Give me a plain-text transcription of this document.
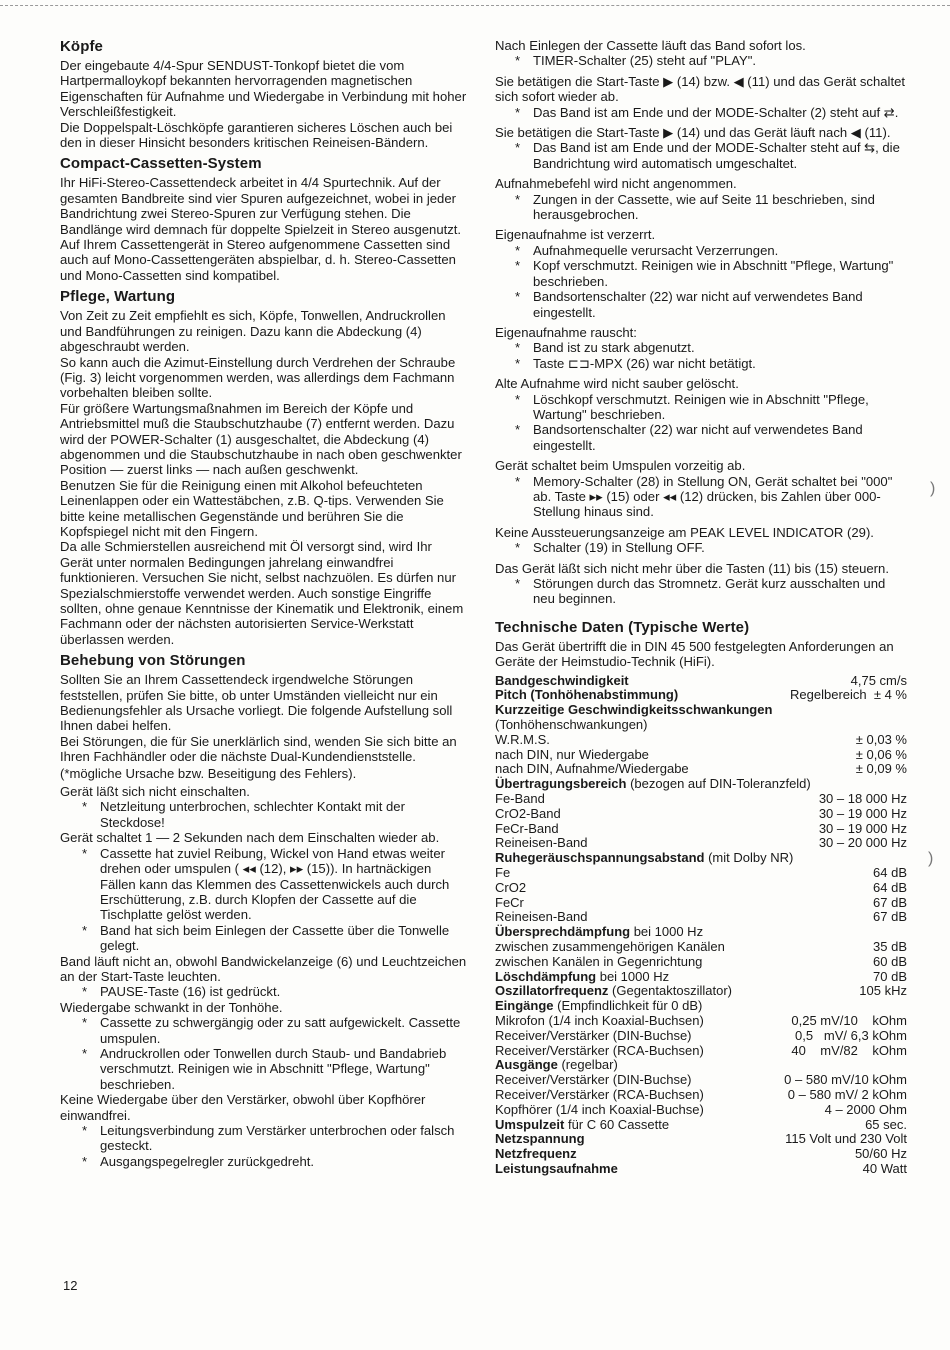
Köpfe

Der eingebaute 4/4-Spur SENDUST-Tonkopf bietet die vom Hartpermalloykopf bekannten hervorragenden magnetischen Eigenschaften für Aufnahme und Wiedergabe in Verbindung mit hoher Verschleißfestigkeit.

Die Doppelspalt-Löschköpfe garantieren sicheres Löschen auch bei den in dieser Hinsicht besonders kritischen Reineisen-Bändern.

Compact-Cassetten-System

Ihr HiFi-Stereo-Cassettendeck arbeitet in 4/4 Spurtechnik. Auf der gesamten Bandbreite sind vier Spuren aufgezeichnet, wobei in jeder Bandrichtung zwei Stereo-Spuren zur Verfügung stehen. Die Bandlänge wird demnach für doppelte Spielzeit in Stereo ausgenutzt.

Auf Ihrem Cassettengerät in Stereo aufgenommene Cassetten sind auch auf Mono-Cassettengeräten abspielbar, d. h. Stereo-Cassetten und Mono-Cassetten sind kompatibel.

Pflege, Wartung

Von Zeit zu Zeit empfiehlt es sich, Köpfe, Tonwellen, Andruckrollen und Bandführungen zu reinigen. Dazu kann die Abdeckung (4) abgeschraubt werden.

So kann auch die Azimut-Einstellung durch Verdrehen der Schraube (Fig. 3) leicht vorgenommen werden, was allerdings dem Fachmann vorbehalten bleiben sollte.

Für größere Wartungsmaßnahmen im Bereich der Köpfe und Antriebsmittel muß die Staubschutzhaube (7) entfernt werden. Dazu wird der POWER-Schalter (1) ausgeschaltet, die Abdeckung (4) abgenommen und die Staubschutzhaube in nach oben geschwenkter Position — zuerst links — nach außen geschwenkt.

Benutzen Sie für die Reinigung einen mit Alkohol befeuchteten Leinenlappen oder ein Wattestäbchen, z.B. Q-tips. Verwenden Sie bitte keine metallischen Gegenstände und berühren Sie die Kopfspiegel nicht mit den Fingern.

Da alle Schmierstellen ausreichend mit Öl versorgt sind, wird Ihr Gerät unter normalen Bedingungen jahrelang einwandfrei funktionieren. Versuchen Sie nicht, selbst nachzuölen. Es dürfen nur Spezialschmierstoffe verwendet werden. Auch sonstige Eingriffe sollten, ohne genaue Kenntnisse der Kinematik und Elektronik, einem Fachmann oder der nächsten autorisierten Service-Werkstatt überlassen werden.

Behebung von Störungen

Sollten Sie an Ihrem Cassettendeck irgendwelche Störungen feststellen, prüfen Sie bitte, ob unter Umständen vielleicht nur ein Bedienungsfehler als Ursache vorliegt. Die folgende Aufstellung soll Ihnen dabei helfen.

Bei Störungen, die für Sie unerklärlich sind, wenden Sie sich bitte an Ihren Fachhändler oder die nächste Dual-Kundendienststelle.

(*mögliche Ursache bzw. Beseitigung des Fehlers).

Gerät läßt sich nicht einschalten.

* Netzleitung unterbrochen, schlechter Kontakt mit der Steckdose!

Gerät schaltet 1 — 2 Sekunden nach dem Einschalten wieder ab.

* Cassette hat zuviel Reibung, Wickel von Hand etwas weiter drehen oder umspulen ( ◂◂ (12), ▸▸ (15)). In hartnäckigen Fällen kann das Klemmen des Cassettenwickels auch durch Erschütterung, z.B. durch Klopfen der Cassette auf die Tischplatte gelöst werden.

* Band hat sich beim Einlegen der Cassette über die Tonwelle gelegt.

Band läuft nicht an, obwohl Bandwickelanzeige (6) und Leuchtzeichen an der Start-Taste leuchten.

* PAUSE-Taste (16) ist gedrückt.

Wiedergabe schwankt in der Tonhöhe.

* Cassette zu schwergängig oder zu satt aufgewickelt. Cassette umspulen.

* Andruckrollen oder Tonwellen durch Staub- und Bandabrieb verschmutzt. Reinigen wie in Abschnitt "Pflege, Wartung" beschrieben.

Keine Wiedergabe über den Verstärker, obwohl über Kopfhörer einwandfrei.

* Leitungsverbindung zum Verstärker unterbrochen oder falsch gesteckt.

* Ausgangspegelregler zurückgedreht.

Nach Einlegen der Cassette läuft das Band sofort los.

* TIMER-Schalter (25) steht auf "PLAY".

Sie betätigen die Start-Taste ▶ (14) bzw. ◀ (11) und das Gerät schaltet sich sofort wieder ab.

* Das Band ist am Ende und der MODE-Schalter (2) steht auf ⇄.

Sie betätigen die Start-Taste ▶ (14) und das Gerät läuft nach ◀ (11).

* Das Band ist am Ende und der MODE-Schalter steht auf ⇆, die Bandrichtung wird automatisch umgeschaltet.

Aufnahmebefehl wird nicht angenommen.

* Zungen in der Cassette, wie auf Seite 11 beschrieben, sind herausgebrochen.

Eigenaufnahme ist verzerrt.

* Aufnahmequelle verursacht Verzerrungen.

* Kopf verschmutzt. Reinigen wie in Abschnitt "Pflege, Wartung" beschrieben.

* Bandsortenschalter (22) war nicht auf verwendetes Band eingestellt.

Eigenaufnahme rauscht:

* Band ist zu stark abgenutzt.

* Taste ⊏⊐-MPX (26) war nicht betätigt.

Alte Aufnahme wird nicht sauber gelöscht.

* Löschkopf verschmutzt. Reinigen wie in Abschnitt "Pflege, Wartung" beschrieben.

* Bandsortenschalter (22) war nicht auf verwendetes Band eingestellt.

Gerät schaltet beim Umspulen vorzeitig ab.

* Memory-Schalter (28) in Stellung ON, Gerät schaltet bei "000" ab. Taste ▸▸ (15) oder ◂◂ (12) drücken, bis Zahlen über 000-Stellung hinaus sind.

Keine Aussteuerungsanzeige am PEAK LEVEL INDICATOR (29).

* Schalter (19) in Stellung OFF.

Das Gerät läßt sich nicht mehr über die Tasten (11) bis (15) steuern.

* Störungen durch das Stromnetz. Gerät kurz ausschalten und neu beginnen.

Technische Daten (Typische Werte)

Das Gerät übertrifft die in DIN 45 500 festgelegten Anforderungen an Geräte der Heimstudio-Technik (HiFi).

Bandgeschwindigkeit	4,75 cm/s
Pitch (Tonhöhenabstimmung)	Regelbereich  ± 4 %
Kurzzeitige Geschwindigkeitsschwankungen
(Tonhöhenschwankungen)
W.R.M.S.	± 0,03 %
nach DIN, nur Wiedergabe	± 0,06 %
nach DIN, Aufnahme/Wiedergabe	± 0,09 %
Übertragungsbereich (bezogen auf DIN-Toleranzfeld)
Fe-Band	30 – 18 000 Hz
CrO2-Band	30 – 19 000 Hz
FeCr-Band	30 – 19 000 Hz
Reineisen-Band	30 – 20 000 Hz
Ruhegeräuschspannungsabstand (mit Dolby NR)
Fe	64 dB
CrO2	64 dB
FeCr	67 dB
Reineisen-Band	67 dB
Übersprechdämpfung bei 1000 Hz
zwischen zusammengehörigen Kanälen	35 dB
zwischen Kanälen in Gegenrichtung	60 dB
Löschdämpfung bei 1000 Hz	70 dB
Oszillatorfrequenz (Gegentaktoszillator)	105 kHz
Eingänge (Empfindlichkeit für 0 dB)
Mikrofon (1/4 inch Koaxial-Buchsen)	0,25 mV/10    kOhm
Receiver/Verstärker (DIN-Buchse)	0,5   mV/ 6,3 kOhm
Receiver/Verstärker (RCA-Buchsen)	40    mV/82    kOhm
Ausgänge (regelbar)
Receiver/Verstärker (DIN-Buchse)	0 – 580 mV/10 kOhm
Receiver/Verstärker (RCA-Buchsen)	0 – 580 mV/ 2 kOhm
Kopfhörer (1/4 inch Koaxial-Buchse)	4 – 2000 Ohm
Umspulzeit für C 60 Cassette	65 sec.
Netzspannung	115 Volt und 230 Volt
Netzfrequenz	50/60 Hz
Leistungsaufnahme	40 Watt
12
)
)
